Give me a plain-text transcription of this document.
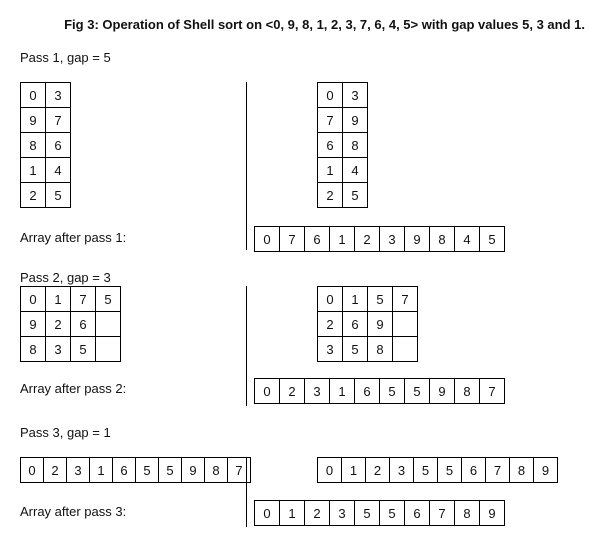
Fig 3: Operation of Shell sort on <0, 9, 8, 1, 2, 3, 7, 6, 4, 5> with gap values 5, 3 and 1.
Pass 1, gap = 5
0	3
9	7
8	6
1	4
2	5
0	3
7	9
6	8
1	4
2	5
Array after pass 1:	0	7	6	1	2	3	9	8	4	5
Pass 2, gap = 3
0	1	7	5
9	2	6	
8	3	5	
0	1	5	7
2	6	9	
3	5	8	
Array after pass 2:	0	2	3	1	6	5	5	9	8	7
Pass 3, gap = 1
0	2	3	1	6	5	5	9	8	7	0	1	2	3	5	5	6	7	8	9
Array after pass 3:	0	1	2	3	5	5	6	7	8	9
